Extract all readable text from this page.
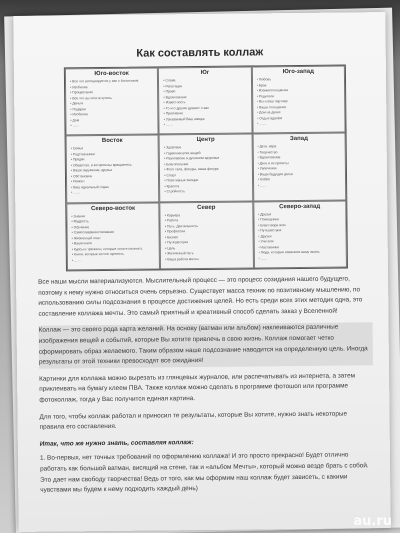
Как составлять коллаж
Юго-восток
• Все что ассоциируется у вас с богатством
• Изобилие
• Процветание
• Все что вы хотите купить
• Деньги
• Подарки
• Изобилие
• Дом
• ……
Юг
• Слава
• Репутация
• Право
• Вдохновение
• Известность
• То что другие думают о вас
• Признание
• Узнаваемый Ваш имидж
• ……
Юго-запад
• Любовь
• Брак
• Взаимоотношения
• Родители
• Вы и ваш партнер
• Ваши отношения
• Дом на двоих
• Отдых вдвоём
• ……
Восток
• Семья
• Родственники
• Предки
• Общество, в котором вы вращаетесь
• Ваше окружение, друзья
• Обстановка
• Ремонт
• Ваш идеальный отдых
• ……
Центр
• Здоровье
• Гармония всех вещей
• Равновесие в духовном здоровье
• Благополучие
• Фото тела, фигуры, ваша фигура
• Спорт
• Позитивные эмоции
• Красота
• Стройность
Запад
• Дети, вера
• Творчество
• Вдохновение
• Дети и их проекты
• Увлечения
• Ваши будущие детки
• Хобби
• ……
Северо-восток
• Знания
• Мудрость
• Обучение
• Самосовершенствование
• Жизненный опыт
• Ваши книги
• Курсы и тренинги, которые хотите посетить
• Книги, которые хотите прочесть
• ……
Север
• Карьера
• Работа
• Путь, Деятельность
• Профессия
• Бизнес
• Путешествия
• Цель
• Жизненный путь
• Ваша работа мечты
Северо-запад
• Друзья
• Помощники
• Благотворители
• Путешествия
• Друзья
• Учителя
• Наставники
• Люди, которые изменили вашу жизнь
• ……

Все наши мысли материализуются. Мыслительный процесс — это процесс созидания нашего будущего, поэтому к нему нужно относиться очень серьезно. Существует масса техник по позитивному мышлению, по использованию силы подсознания в процессе достижения целей. Но есть среди всех этих методик одна, это составление коллажа мечты. Это самый приятный и креативный способ сделать заказ у Вселенной!

Коллаж — это своего рода карта желаний. На основу (ватман или альбом) наклеиваются различные изображения вещей и событий, которые Вы хотите привлечь в свою жизнь. Коллаж помогает четко сформировать образ желаемого. Таким образом наше подсознание наводится на определенную цель. Иногда результаты от этой техники превосходят все ожидания!

Картинки для коллажа можно вырезать из глянцевых журналов, или распечатывать из интернета, а затем приклеивать на бумагу клеем ПВА. Также коллаж можно сделать в программе фотошоп или программе фотоколлаж, тогда у Вас получится единая картина.

Для того, чтобы коллаж работал и приносил те результаты, которые Вы хотите, нужно знать некоторые правила его составления.

Итак, что же нужно знать, составляя коллаж:

1. Во-первых, нет точных требований по оформлению коллажа! И это просто прекрасно! Будет отлично работать как большой ватман, висящий на стене, так и «альбом Мечты», который можно везде брать с собой. Это дает нам свободу творчества! Ведь от того, как мы оформим наш коллаж будет зависеть, с какими чувствами мы будем к нему подходить каждый день)

au.ru
